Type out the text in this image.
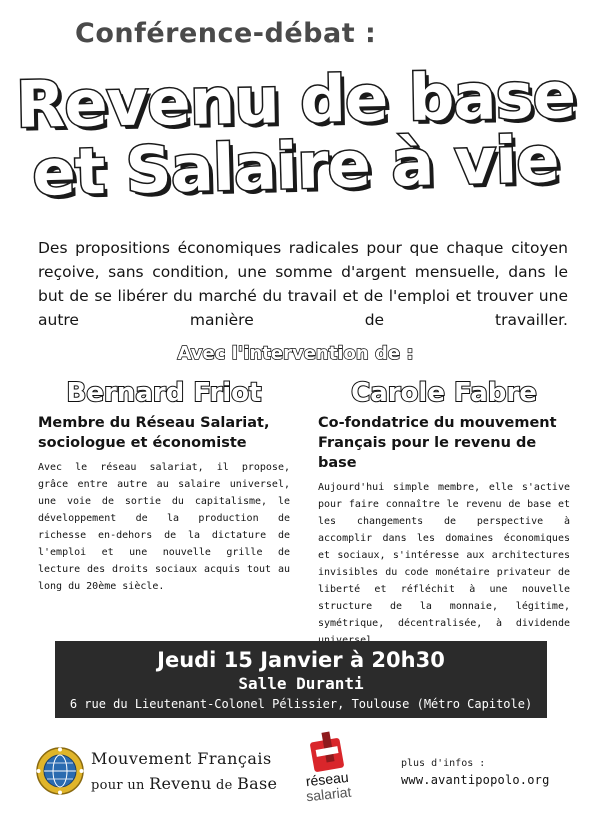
Conférence-débat :
Revenu de base
et Salaire à vie
Des propositions économiques radicales pour que chaque citoyen reçoive, sans condition, une somme d'argent mensuelle, dans le but de se libérer du marché du travail et de l'emploi et trouver une autre manière de travailler.
Avec l'intervention de :
Bernard Friot
Membre du Réseau Salariat, sociologue et économiste
Avec le réseau salariat, il propose, grâce entre autre au salaire universel, une voie de sortie du capitalisme, le développement de la production de richesse en-dehors de la dictature de l'emploi et une nouvelle grille de lecture des droits sociaux acquis tout au long du 20ème siècle.
Carole Fabre
Co-fondatrice du mouvement Français pour le revenu de base
Aujourd'hui simple membre, elle s'active pour faire connaître le revenu de base et les changements de perspective à accomplir dans les domaines économiques et sociaux, s'intéresse aux architectures invisibles du code monétaire privateur de liberté et réfléchit à une nouvelle structure de la monnaie, légitime, symétrique, décentralisée, à dividende
Jeudi 15 Janvier à 20h30
Salle Duranti
6 rue du Lieutenant-Colonel Pélissier, Toulouse (Métro Capitole)
Mouvement Français
pour un Revenu de Base	réseau
salariat
plus d'infos :
www.avantipopolo.org
